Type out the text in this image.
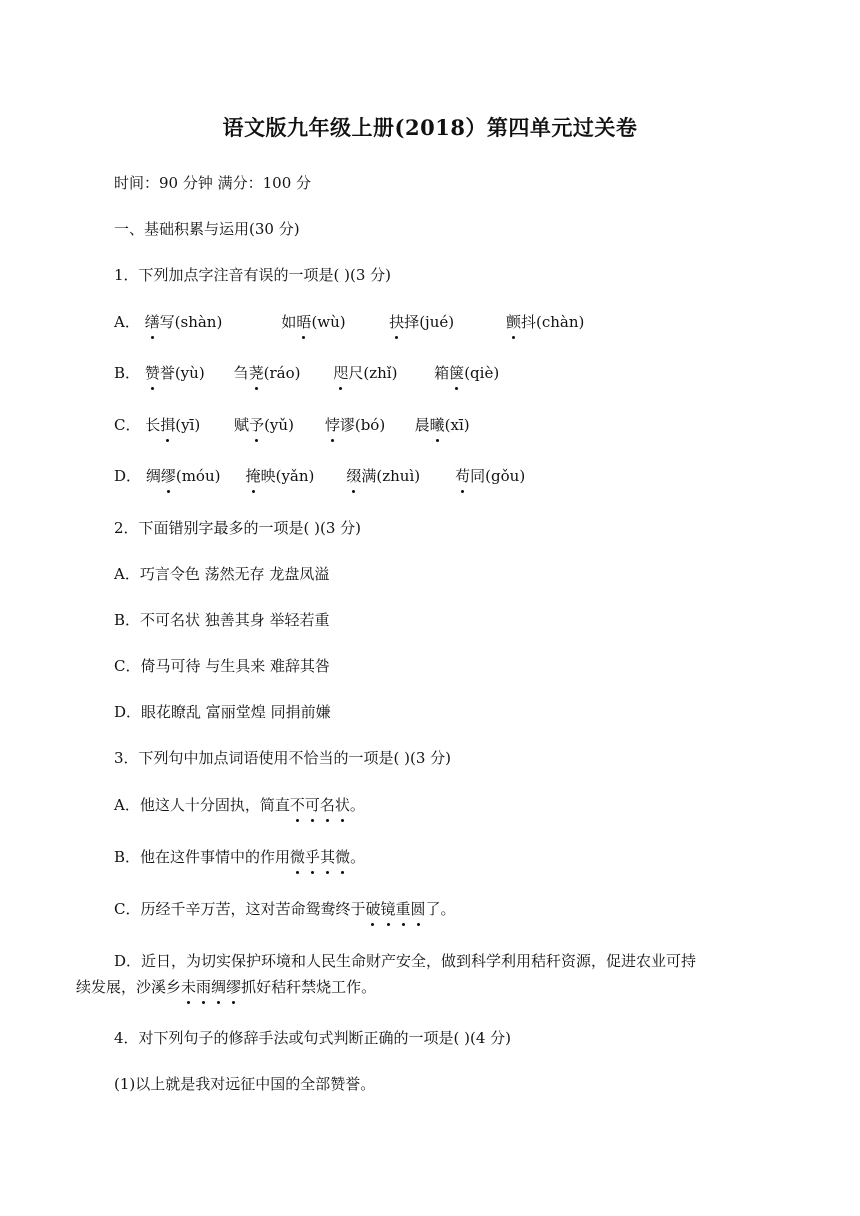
语文版九年级上册(2018）第四单元过关卷
时间：90 分钟 满分：100 分
一、基础积累与运用(30 分)
1．下列加点字注音有误的一项是( )(3 分)
A． 缮写(shàn)	如晤(wù)	抉择(jué)	颤抖(chàn)
B． 赞誉(yù) 刍荛(ráo) 咫尺(zhǐ) 箱箧(qiè)
C． 长揖(yī) 赋予(yǔ) 悖谬(bó) 晨曦(xī)
D． 绸缪(móu) 掩映(yǎn) 缀满(zhuì) 苟同(gǒu)
2．下面错别字最多的一项是( )(3 分)
A．巧言令色 荡然无存 龙盘凤溢
B．不可名状 独善其身 举轻若重
C．倚马可待 与生具来 难辞其咎
D．眼花瞭乱 富丽堂煌 同捐前嫌
3．下列句中加点词语使用不恰当的一项是( )(3 分)
A．他这人十分固执，简直不可名状。
B．他在这件事情中的作用微乎其微。
C．历经千辛万苦，这对苦命鸳鸯终于破镜重圆了。
D．近日，为切实保护环境和人民生命财产安全，做到科学利用秸秆资源，促进农业可持
续发展，沙溪乡未雨绸缪抓好秸秆禁烧工作。
4．对下列句子的修辞手法或句式判断正确的一项是( )(4 分)
(1)以上就是我对远征中国的全部赞誉。
